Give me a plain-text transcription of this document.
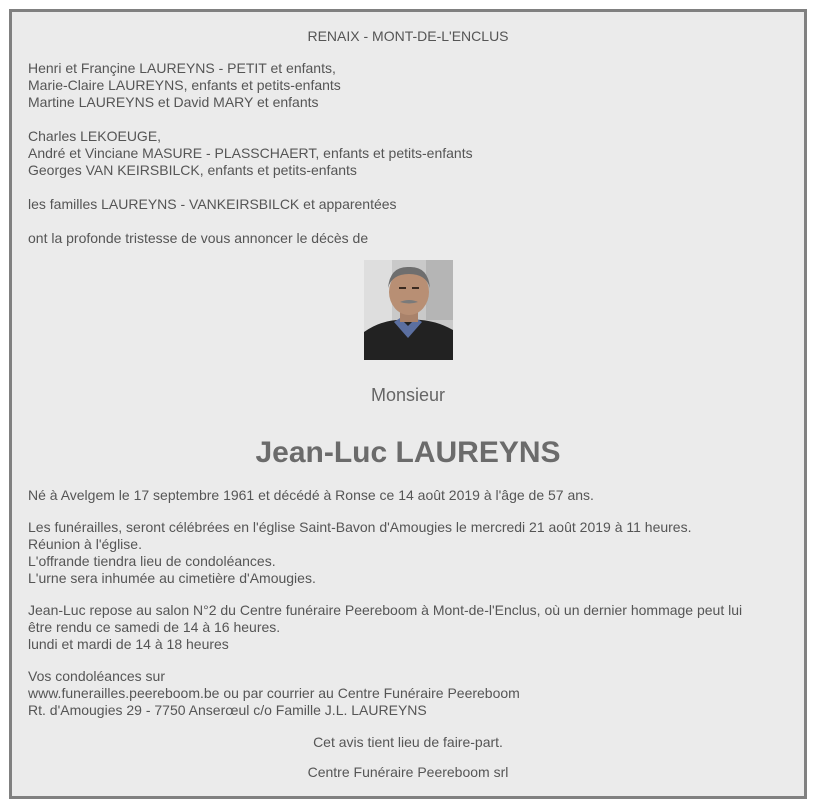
RENAIX - MONT-DE-L'ENCLUS
Henri et Françine LAUREYNS - PETIT et enfants,
Marie-Claire LAUREYNS, enfants et petits-enfants
Martine LAUREYNS et David MARY et enfants
Charles LEKOEUGE,
André et Vinciane MASURE - PLASSCHAERT, enfants et petits-enfants
Georges VAN KEIRSBILCK, enfants et petits-enfants
les familles LAUREYNS - VANKEIRSBILCK et apparentées
ont la profonde tristesse de vous annoncer le décès de
Monsieur
Jean-Luc LAUREYNS
Né à Avelgem le 17 septembre 1961 et décédé à Ronse ce 14 août 2019 à l'âge de 57 ans.
Les funérailles, seront célébrées en l'église Saint-Bavon d'Amougies le mercredi 21 août 2019 à 11 heures.
Réunion à l'église.
L'offrande tiendra lieu de condoléances.
L'urne sera inhumée au cimetière d'Amougies.
Jean-Luc repose au salon N°2 du Centre funéraire Peereboom à Mont-de-l'Enclus, où un dernier hommage peut lui
être rendu ce samedi de 14 à 16 heures.
lundi et mardi de 14 à 18 heures
Vos condoléances sur
www.funerailles.peereboom.be ou par courrier au Centre Funéraire Peereboom
Rt. d'Amougies 29 - 7750 Anserœul c/o Famille J.L. LAUREYNS
Cet avis tient lieu de faire-part.
Centre Funéraire Peereboom srl
